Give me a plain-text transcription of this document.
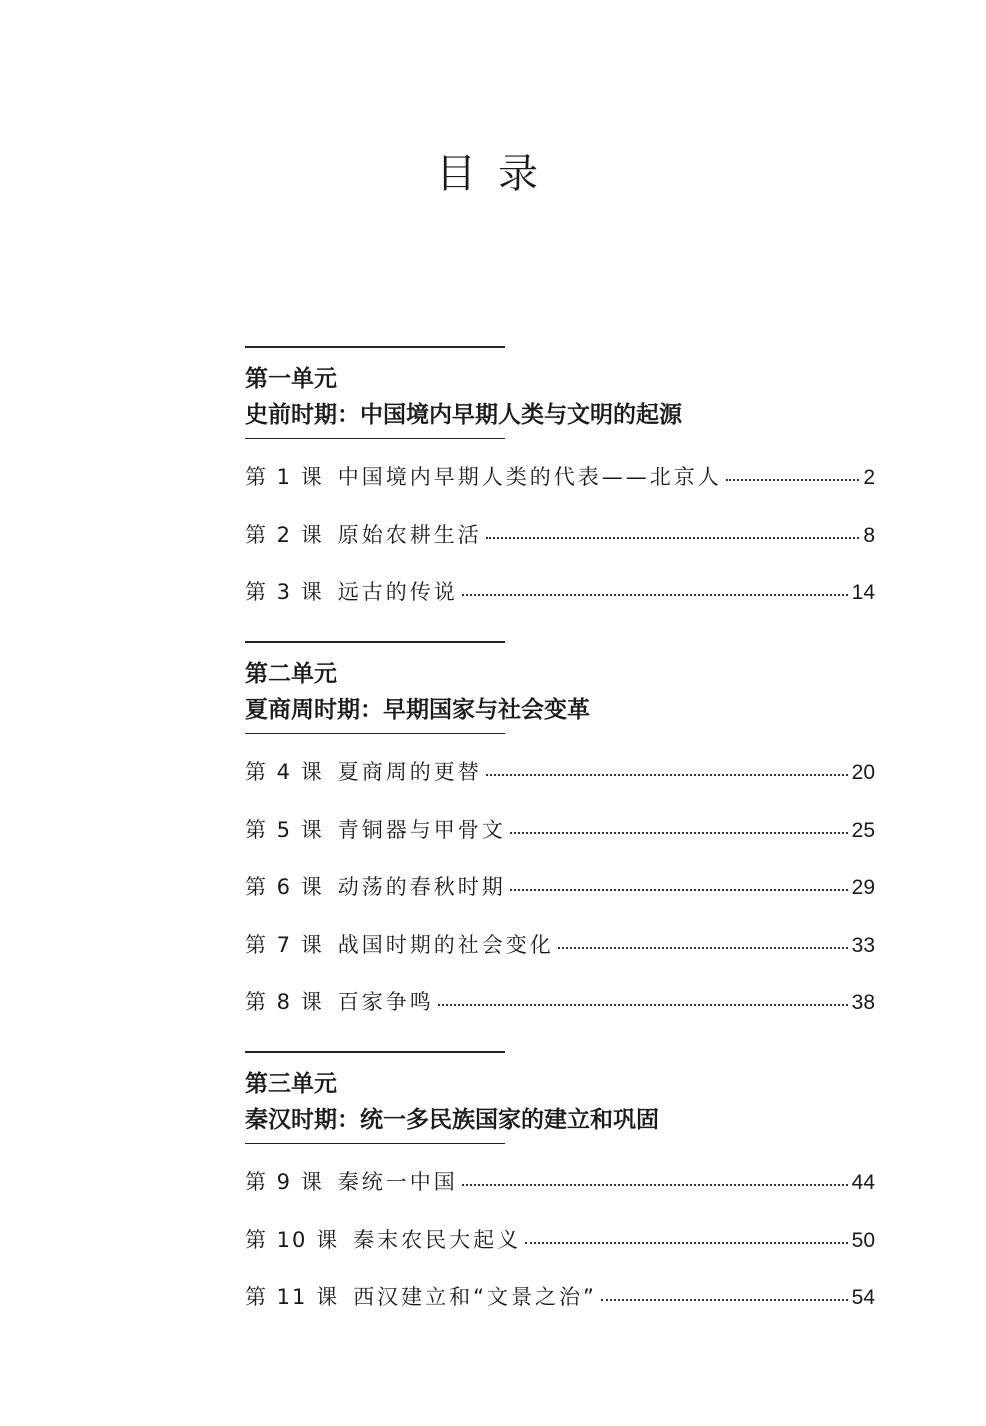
目录
第一单元
史前时期：中国境内早期人类与文明的起源
第 1 课 中国境内早期人类的代表——北京人	2
第 2 课 原始农耕生活	8
第 3 课 远古的传说	14
第二单元
夏商周时期：早期国家与社会变革
第 4 课 夏商周的更替	20
第 5 课 青铜器与甲骨文	25
第 6 课 动荡的春秋时期	29
第 7 课 战国时期的社会变化	33
第 8 课 百家争鸣	38
第三单元
秦汉时期：统一多民族国家的建立和巩固
第 9 课 秦统一中国	44
第 10 课 秦末农民大起义	50
第 11 课 西汉建立和“文景之治”	54
